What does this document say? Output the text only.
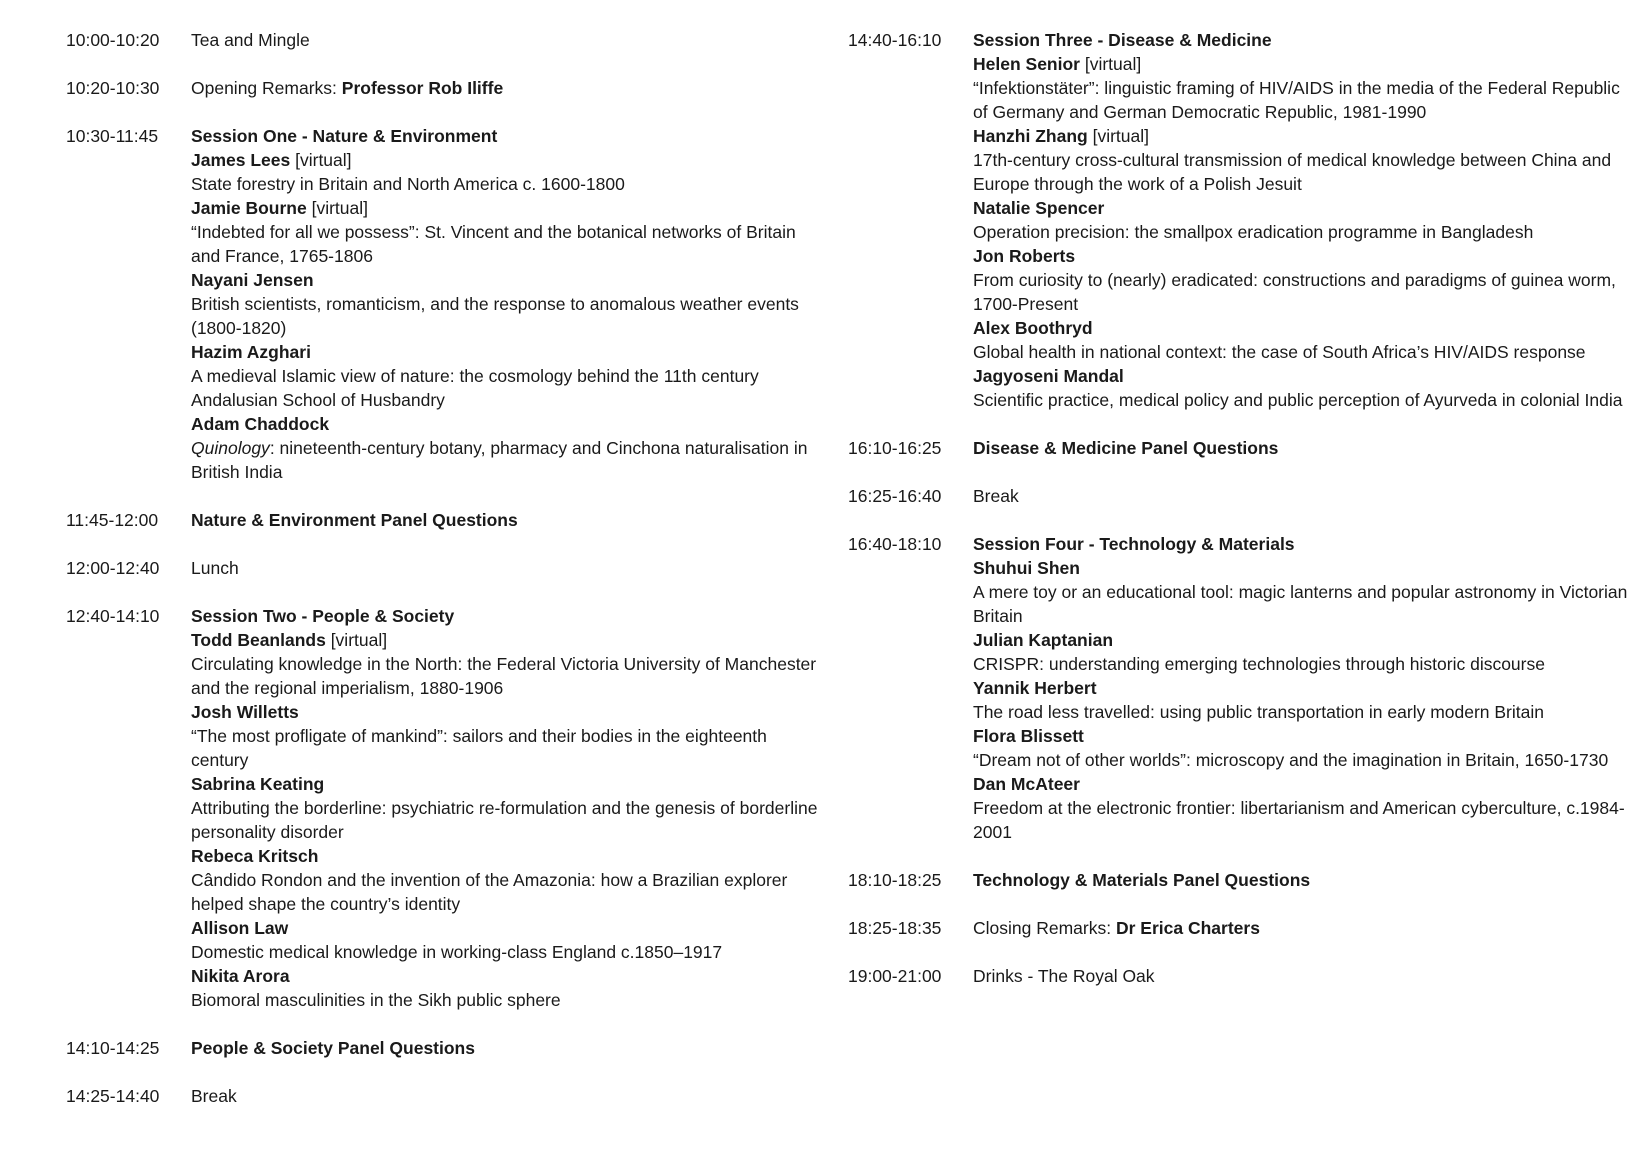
10:00-10:20	Tea and Mingle
10:20-10:30	Opening Remarks: Professor Rob Iliffe
10:30-11:45	Session One - Nature & Environment
James Lees [virtual]
State forestry in Britain and North America c. 1600-1800
Jamie Bourne [virtual]
“Indebted for all we possess”: St. Vincent and the botanical networks of Britain and France, 1765-1806
Nayani Jensen
British scientists, romanticism, and the response to anomalous weather events (1800-1820)
Hazim Azghari
A medieval Islamic view of nature: the cosmology behind the 11th century Andalusian School of Husbandry
Adam Chaddock
Quinology: nineteenth-century botany, pharmacy and Cinchona naturalisation in British India
11:45-12:00	Nature & Environment Panel Questions
12:00-12:40	Lunch
12:40-14:10	Session Two - People & Society
Todd Beanlands [virtual]
Circulating knowledge in the North: the Federal Victoria University of Manchester and the regional imperialism, 1880-1906
Josh Willetts
“The most profligate of mankind”: sailors and their bodies in the eighteenth century
Sabrina Keating
Attributing the borderline: psychiatric re-formulation and the genesis of borderline personality disorder
Rebeca Kritsch
Cândido Rondon and the invention of the Amazonia: how a Brazilian explorer helped shape the country’s identity
Allison Law
Domestic medical knowledge in working-class England c.1850–1917
Nikita Arora
Biomoral masculinities in the Sikh public sphere
14:10-14:25	People & Society Panel Questions
14:25-14:40	Break
14:40-16:10	Session Three - Disease & Medicine
Helen Senior [virtual]
“Infektionstäter”: linguistic framing of HIV/AIDS in the media of the Federal Republic of Germany and German Democratic Republic, 1981-1990
Hanzhi Zhang [virtual]
17th-century cross-cultural transmission of medical knowledge between China and Europe through the work of a Polish Jesuit
Natalie Spencer
Operation precision: the smallpox eradication programme in Bangladesh
Jon Roberts
From curiosity to (nearly) eradicated: constructions and paradigms of guinea worm, 1700-Present
Alex Boothryd
Global health in national context: the case of South Africa’s HIV/AIDS response
Jagyoseni Mandal
Scientific practice, medical policy and public perception of Ayurveda in colonial India
16:10-16:25	Disease & Medicine Panel Questions
16:25-16:40	Break
16:40-18:10	Session Four - Technology & Materials
Shuhui Shen
A mere toy or an educational tool: magic lanterns and popular astronomy in Victorian Britain
Julian Kaptanian
CRISPR: understanding emerging technologies through historic discourse
Yannik Herbert
The road less travelled: using public transportation in early modern Britain
Flora Blissett
“Dream not of other worlds”: microscopy and the imagination in Britain, 1650-1730
Dan McAteer
Freedom at the electronic frontier: libertarianism and American cyberculture, c.1984-2001
18:10-18:25	Technology & Materials Panel Questions
18:25-18:35	Closing Remarks: Dr Erica Charters
19:00-21:00	Drinks - The Royal Oak
